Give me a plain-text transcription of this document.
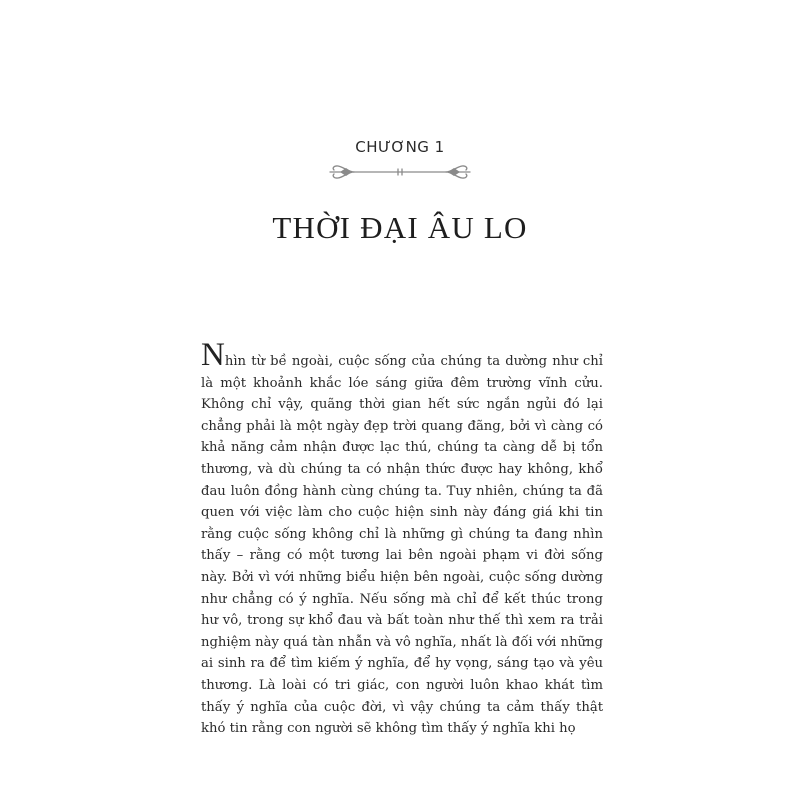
CHƯƠNG 1
THỜI ĐẠI ÂU LO

Nhìn từ bề ngoài, cuộc sống của chúng ta dường như chỉ là một khoảnh khắc lóe sáng giữa đêm trường vĩnh cửu. Không chỉ vậy, quãng thời gian hết sức ngắn ngủi đó lại chẳng phải là một ngày đẹp trời quang đãng, bởi vì càng có khả năng cảm nhận được lạc thú, chúng ta càng dễ bị tổn thương, và dù chúng ta có nhận thức được hay không, khổ đau luôn đồng hành cùng chúng ta. Tuy nhiên, chúng ta đã quen với việc làm cho cuộc hiện sinh này đáng giá khi tin rằng cuộc sống không chỉ là những gì chúng ta đang nhìn thấy – rằng có một tương lai bên ngoài phạm vi đời sống này. Bởi vì với những biểu hiện bên ngoài, cuộc sống dường như chẳng có ý nghĩa. Nếu sống mà chỉ để kết thúc trong hư vô, trong sự khổ đau và bất toàn như thế thì xem ra trải nghiệm này quá tàn nhẫn và vô nghĩa, nhất là đối với những ai sinh ra để tìm kiếm ý nghĩa, để hy vọng, sáng tạo và yêu thương. Là loài có tri giác, con người luôn khao khát tìm thấy ý nghĩa của cuộc đời, vì vậy chúng ta cảm thấy thật khó tin rằng con người sẽ không tìm thấy ý nghĩa khi họ
